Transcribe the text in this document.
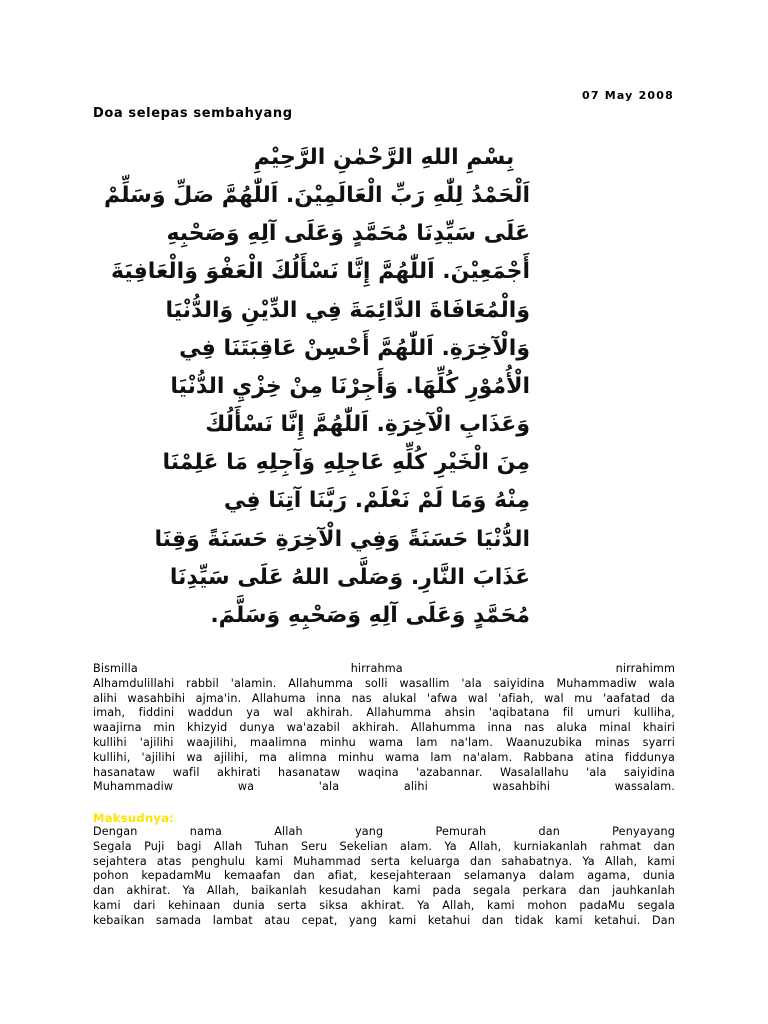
07 May 2008
Doa selepas sembahyang
بِسْمِ اللهِ الرَّحْمٰنِ الرَّحِيْمِ
اَلْحَمْدُ لِلّٰهِ رَبِّ الْعَالَمِيْنَ. اَللّٰهُمَّ صَلِّ وَسَلِّمْ
عَلَى سَيِّدِنَا مُحَمَّدٍ وَعَلَى آلِهِ وَصَحْبِهِ
أَجْمَعِيْنَ. اَللّٰهُمَّ إِنَّا نَسْأَلُكَ الْعَفْوَ وَالْعَافِيَةَ
وَالْمُعَافَاةَ الدَّائِمَةَ فِي الدِّيْنِ وَالدُّنْيَا
وَالْآخِرَةِ. اَللّٰهُمَّ أَحْسِنْ عَاقِبَتَنَا فِي
الْأُمُوْرِ كُلِّهَا. وَأَجِرْنَا مِنْ خِزْيِ الدُّنْيَا
وَعَذَابِ الْآخِرَةِ. اَللّٰهُمَّ إِنَّا نَسْأَلُكَ
مِنَ الْخَيْرِ كُلِّهِ عَاجِلِهِ وَآجِلِهِ مَا عَلِمْنَا
مِنْهُ وَمَا لَمْ نَعْلَمْ. رَبَّنَا آتِنَا فِي
الدُّنْيَا حَسَنَةً وَفِي الْآخِرَةِ حَسَنَةً وَقِنَا
عَذَابَ النَّارِ. وَصَلَّى اللهُ عَلَى سَيِّدِنَا
مُحَمَّدٍ وَعَلَى آلِهِ وَصَحْبِهِ وَسَلَّمَ.
Bismilla hirrahma nirrahimm
Alhamdulillahi rabbil 'alamin. Allahumma solli wasallim 'ala saiyidina Muhammadiw wala
alihi wasahbihi ajma'in. Allahuma inna nas alukal 'afwa wal 'afiah, wal mu 'aafatad da
imah, fiddini waddun ya wal akhirah. Allahumma ahsin 'aqibatana fil umuri kulliha,
waajirna min khizyid dunya wa'azabil akhirah. Allahumma inna nas aluka minal khairi
kullihi 'ajilihi waajilihi, maalimna minhu wama lam na'lam. Waanuzubika minas syarri
kullihi, 'ajilihi wa ajilihi, ma alimna minhu wama lam na'alam. Rabbana atina fiddunya
hasanataw wafil akhirati hasanataw waqina 'azabannar. Wasalallahu 'ala saiyidina
Muhammadiw wa 'ala alihi wasahbihi wassalam.
Maksudnya:
Dengan nama Allah yang Pemurah dan Penyayang
Segala Puji bagi Allah Tuhan Seru Sekelian alam. Ya Allah, kurniakanlah rahmat dan
sejahtera atas penghulu kami Muhammad serta keluarga dan sahabatnya. Ya Allah, kami
pohon kepadamMu kemaafan dan afiat, kesejahteraan selamanya dalam agama, dunia
dan akhirat. Ya Allah, baikanlah kesudahan kami pada segala perkara dan jauhkanlah
kami dari kehinaan dunia serta siksa akhirat. Ya Allah, kami mohon padaMu segala
kebaikan samada lambat atau cepat, yang kami ketahui dan tidak kami ketahui. Dan
